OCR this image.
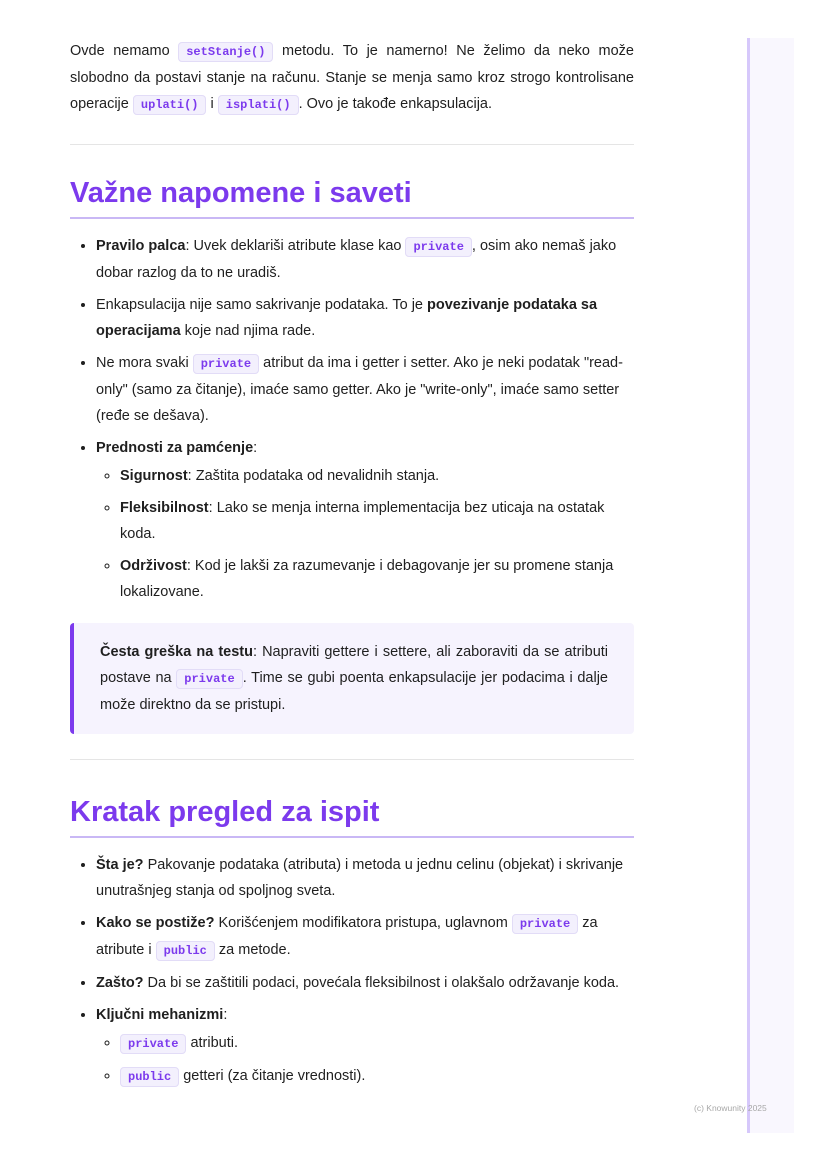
Ovde nemamo setStanje() metodu. To je namerno! Ne želimo da neko može slobodno da postavi stanje na računu. Stanje se menja samo kroz strogo kontrolisane operacije uplati() i isplati() . Ovo je takođe enkapsulacija.

Važne napomene i saveti
• Pravilo palca: Uvek deklariši atribute klase kao private , osim ako nemaš jako dobar razlog da to ne uradiš.
• Enkapsulacija nije samo sakrivanje podataka. To je povezivanje podataka sa operacijama koje nad njima rade.
• Ne mora svaki private atribut da ima i getter i setter. Ako je neki podatak "read-only" (samo za čitanje), imaće samo getter. Ako je "write-only", imaće samo setter (ređe se dešava).
• Prednosti za pamćenje:
◦ Sigurnost: Zaštita podataka od nevalidnih stanja.
◦ Fleksibilnost: Lako se menja interna implementacija bez uticaja na ostatak koda.
◦ Održivost: Kod je lakši za razumevanje i debagovanje jer su promene stanja lokalizovane.

Česta greška na testu: Napraviti gettere i settere, ali zaboraviti da se atributi postave na private . Time se gubi poenta enkapsulacije jer podacima i dalje može direktno da se pristupi.

Kratak pregled za ispit
• Šta je? Pakovanje podataka (atributa) i metoda u jednu celinu (objekat) i skrivanje unutrašnjeg stanja od spoljnog sveta.
• Kako se postiže? Korišćenjem modifikatora pristupa, uglavnom private za atribute i public za metode.
• Zašto? Da bi se zaštitili podaci, povećala fleksibilnost i olakšalo održavanje koda.
• Ključni mehanizmi:
◦ private atributi.
◦ public getteri (za čitanje vrednosti).
(c) Knowunity 2025
